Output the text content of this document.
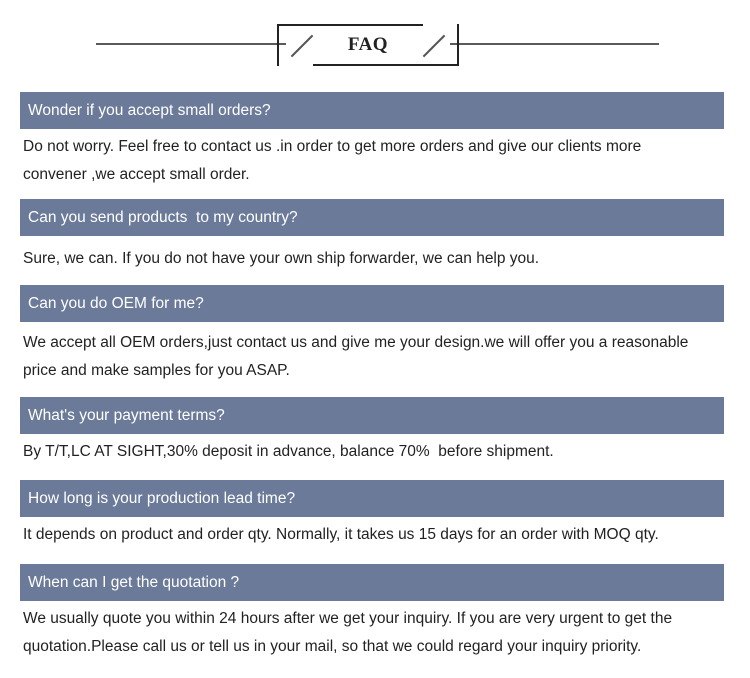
FAQ
Wonder if you accept small orders?
Do not worry. Feel free to contact us .in order to get more orders and give our clients more
convener ,we accept small order.
Can you send products  to my country?
Sure, we can. If you do not have your own ship forwarder, we can help you.
Can you do OEM for me?
We accept all OEM orders,just contact us and give me your design.we will offer you a reasonable
price and make samples for you ASAP.
What's your payment terms?
By T/T,LC AT SIGHT,30% deposit in advance, balance 70%  before shipment.
How long is your production lead time?
It depends on product and order qty. Normally, it takes us 15 days for an order with MOQ qty.
When can I get the quotation ?
We usually quote you within 24 hours after we get your inquiry. If you are very urgent to get the
quotation.Please call us or tell us in your mail, so that we could regard your inquiry priority.
